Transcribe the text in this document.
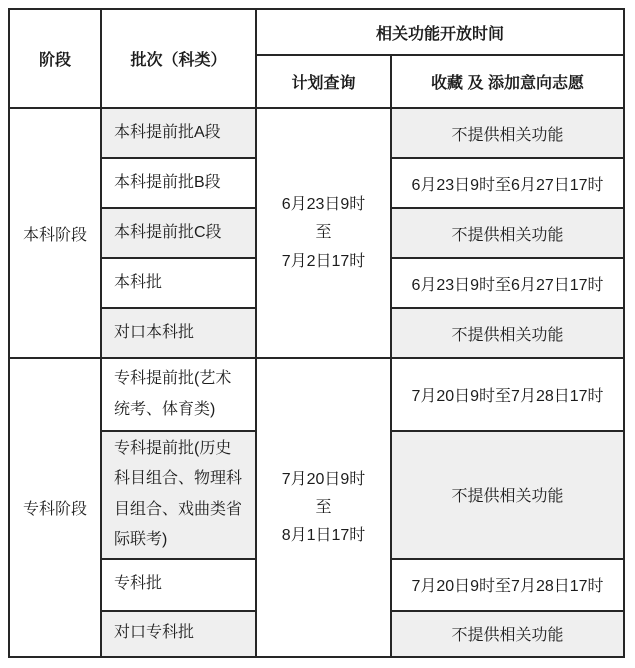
阶段	批次（科类）	相关功能开放时间	
		计划查询	收藏 及 添加意向志愿
本科阶段	本科提前批A段	6月23日9时
至
7月2日17时	不提供相关功能
	本科提前批B段		6月23日9时至6月27日17时
	本科提前批C段		不提供相关功能
	本科批		6月23日9时至6月27日17时
	对口本科批		不提供相关功能
专科阶段	专科提前批(艺术统考、体育类)	7月20日9时
至
8月1日17时	7月20日9时至7月28日17时
	专科提前批(历史科目组合、物理科目组合、戏曲类省际联考)		不提供相关功能
	专科批		7月20日9时至7月28日17时
	对口专科批		不提供相关功能
